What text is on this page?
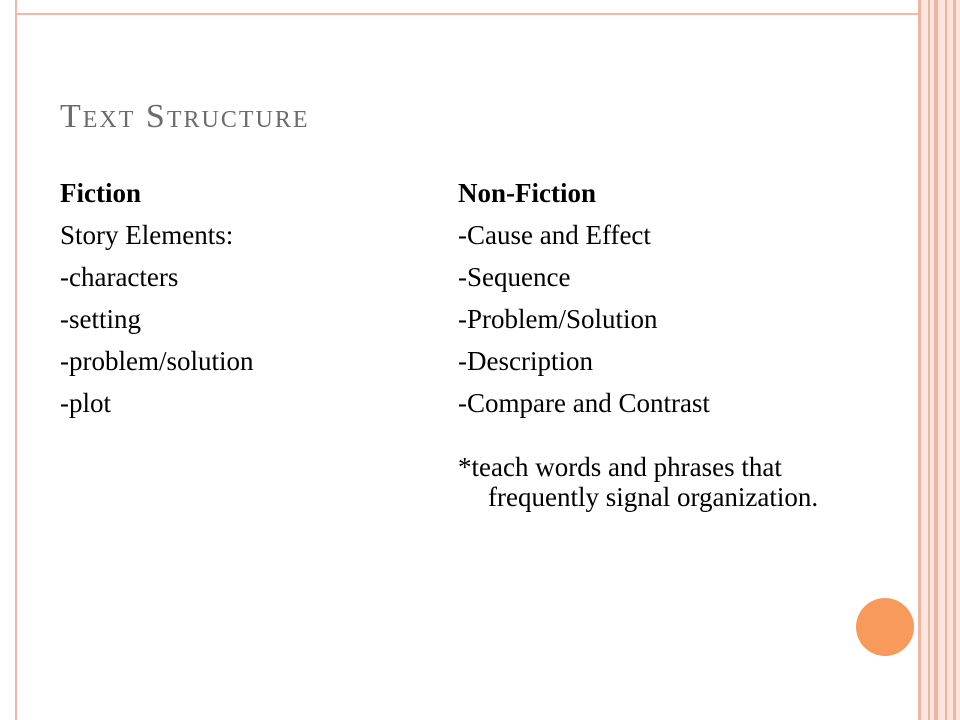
Text Structure
Fiction
Story Elements:
-characters
-setting
-problem/solution
-plot
Non-Fiction
-Cause and Effect
-Sequence
-Problem/Solution
-Description
-Compare and Contrast
*teach words and phrases that frequently signal organization.
